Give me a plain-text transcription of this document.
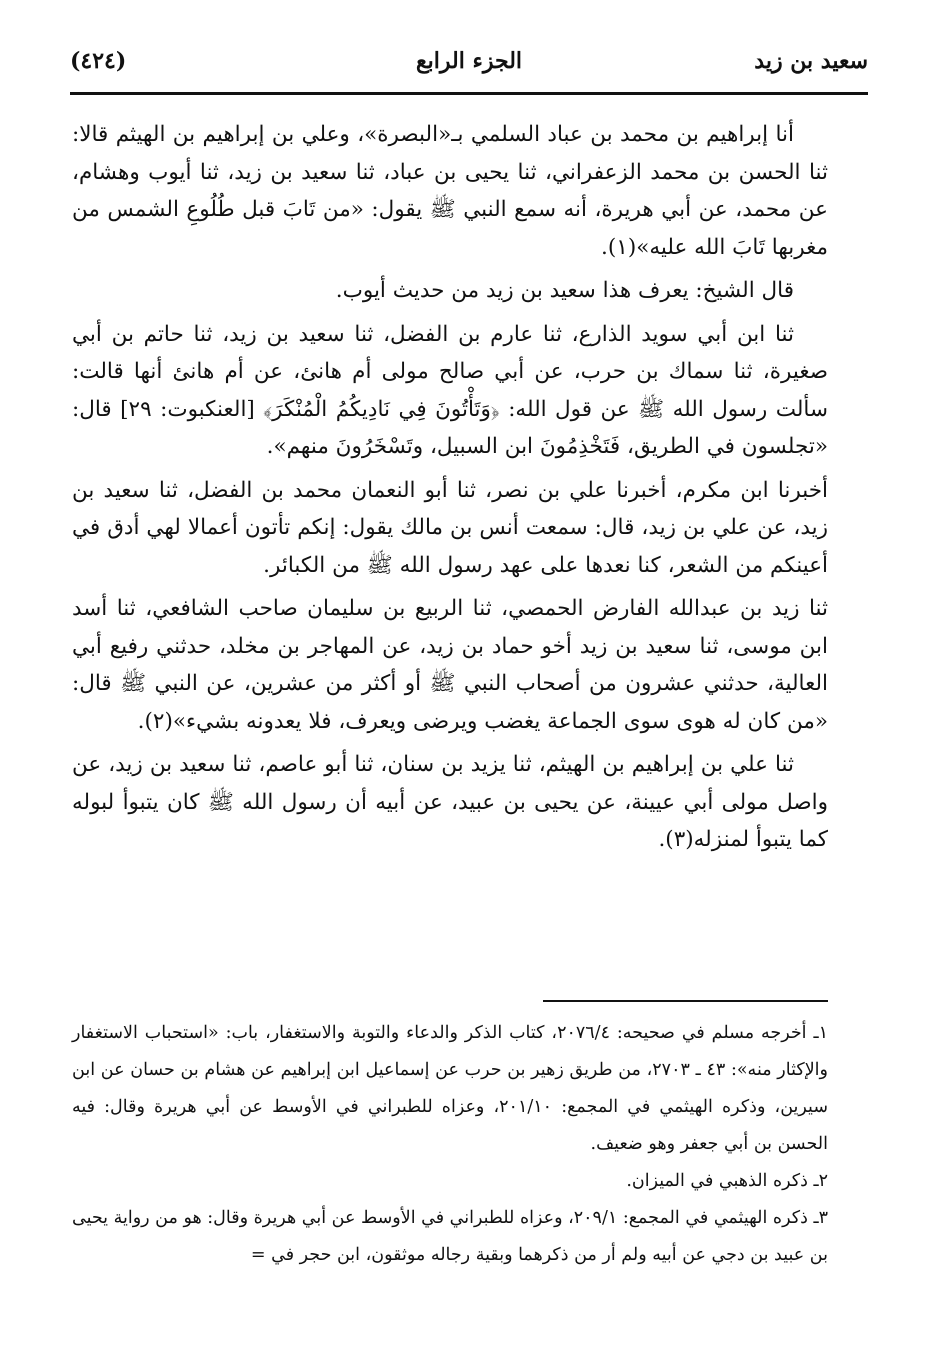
سعيد بن زيد
الجزء الرابع
(٤٢٤)

أنا إبراهيم بن محمد بن عباد السلمي بـ«البصرة»، وعلي بن إبراهيم بن الهيثم قالا: ثنا الحسن بن محمد الزعفراني، ثنا يحيى بن عباد، ثنا سعيد بن زيد، ثنا أيوب وهشام، عن محمد، عن أبي هريرة، أنه سمع النبي ﷺ يقول: «من تَابَ قبل طُلُوعِ الشمس من مغربها تَابَ الله عليه»(١).

قال الشيخ: يعرف هذا سعيد بن زيد من حديث أيوب.

ثنا ابن أبي سويد الذارع، ثنا عارم بن الفضل، ثنا سعيد بن زيد، ثنا حاتم بن أبي صغيرة، ثنا سماك بن حرب، عن أبي صالح مولى أم هانئ، عن أم هانئ أنها قالت: سألت رسول الله ﷺ عن قول الله: ﴿وَتَأْتُونَ فِي نَادِيكُمُ الْمُنْكَرَ﴾ [العنكبوت: ٢٩] قال: «تجلسون في الطريق، فَتَخْذِمُونَ ابن السبيل، وتَسْخَرُونَ منهم».

أخبرنا ابن مكرم، أخبرنا علي بن نصر، ثنا أبو النعمان محمد بن الفضل، ثنا سعيد بن زيد، عن علي بن زيد، قال: سمعت أنس بن مالك يقول: إنكم تأتون أعمالا لهي أدق في أعينكم من الشعر، كنا نعدها على عهد رسول الله ﷺ من الكبائر.

ثنا زيد بن عبدالله الفارض الحمصي، ثنا الربيع بن سليمان صاحب الشافعي، ثنا أسد ابن موسى، ثنا سعيد بن زيد أخو حماد بن زيد، عن المهاجر بن مخلد، حدثني رفيع أبي العالية، حدثني عشرون من أصحاب النبي ﷺ أو أكثر من عشرين، عن النبي ﷺ قال: «من كان له هوى سوى الجماعة يغضب ويرضى ويعرف، فلا يعدونه بشيء»(٢).

ثنا علي بن إبراهيم بن الهيثم، ثنا يزيد بن سنان، ثنا أبو عاصم، ثنا سعيد بن زيد، عن واصل مولى أبي عيينة، عن يحيى بن عبيد، عن أبيه أن رسول الله ﷺ كان يتبوأ لبوله كما يتبوأ لمنزله(٣).

١ـ أخرجه مسلم في صحيحه: ٢٠٧٦/٤، كتاب الذكر والدعاء والتوبة والاستغفار، باب: «استحباب الاستغفار والإكثار منه»: ٤٣ ـ ٢٧٠٣، من طريق زهير بن حرب عن إسماعيل ابن إبراهيم عن هشام بن حسان عن ابن سيرين، وذكره الهيثمي في المجمع: ٢٠١/١٠، وعزاه للطبراني في الأوسط عن أبي هريرة وقال: فيه الحسن بن أبي جعفر وهو ضعيف.

٢ـ ذكره الذهبي في الميزان.

٣ـ ذكره الهيثمي في المجمع: ٢٠٩/١، وعزاه للطبراني في الأوسط عن أبي هريرة وقال: هو من رواية يحيى بن عبيد بن دجي عن أبيه ولم أر من ذكرهما وبقية رجاله موثقون، ابن حجر في =
